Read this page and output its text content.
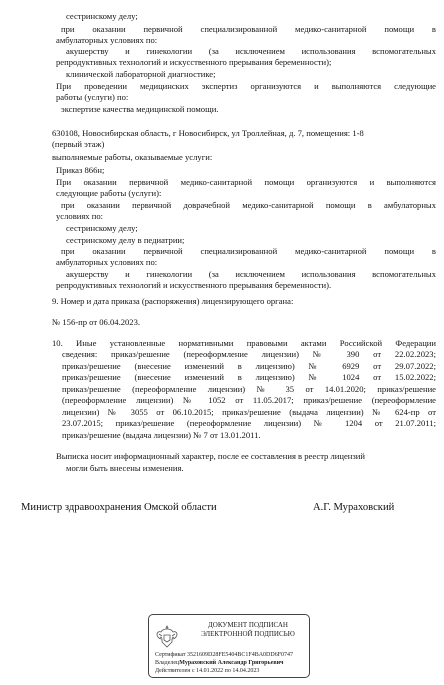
сестринскому делу;
при оказании первичной специализированной медико-санитарной помощи в
амбулаторных условиях по:
акушерству и гинекологии (за исключением использования вспомогательных
репродуктивных технологий и искусственного прерывания беременности);
клинической лабораторной диагностике;
При проведении медицинских экспертиз организуются и выполняются следующие
работы (услуги) по:
экспертизе качества медицинской помощи.
630108, Новосибирская область, г Новосибирск, ул Троллейная, д. 7, помещения: 1-8
(первый этаж)
выполняемые работы, оказываемые услуги:
Приказ 866н;
При оказании первичной медико-санитарной помощи организуются и выполняются
следующие работы (услуги):
при оказании первичной доврачебной медико-санитарной помощи в амбулаторных
условиях по:
сестринскому делу;
сестринскому делу в педиатрии;
при оказании первичной специализированной медико-санитарной помощи в
амбулаторных условиях по:
акушерству и гинекологии (за исключением использования вспомогательных
репродуктивных технологий и искусственного прерывания беременности).
9. Номер и дата приказа (распоряжения) лицензирующего органа:
№ 156-пр от 06.04.2023.
10. Иные установленные нормативными правовыми актами Российской Федерации
сведения: приказ/решение (переоформление лицензии) № 390 от 22.02.2023;
приказ/решение (внесение изменений в лицензию) № 6929 от 29.07.2022;
приказ/решение (внесение изменений в лицензию) № 1024 от 15.02.2022;
приказ/решение (переоформление лицензии) № 35 от 14.01.2020; приказ/решение
(переоформление лицензии) № 1052 от 11.05.2017; приказ/решение (переоформление
лицензии) № 3055 от 06.10.2015; приказ/решение (выдача лицензии) № 624-пр от
23.07.2015; приказ/решение (переоформление лицензии) № 1204 от 21.07.2011;
приказ/решение (выдача лицензии) № 7 от 13.01.2011.
Выписка носит информационный характер, после ее составления в реестр лицензий
могли быть внесены изменения.
Министр здравоохранения Омской области	А.Г. Мураховский
ДОКУМЕНТ ПОДПИСАН
ЭЛЕКТРОННОЙ ПОДПИСЬЮ
Сертификат 3521609D28FE5404BC1F4BA0DD6F0747
ВладелецМураховский Александр Григорьевич
Действителен с 14.01.2022 по 14.04.2023
